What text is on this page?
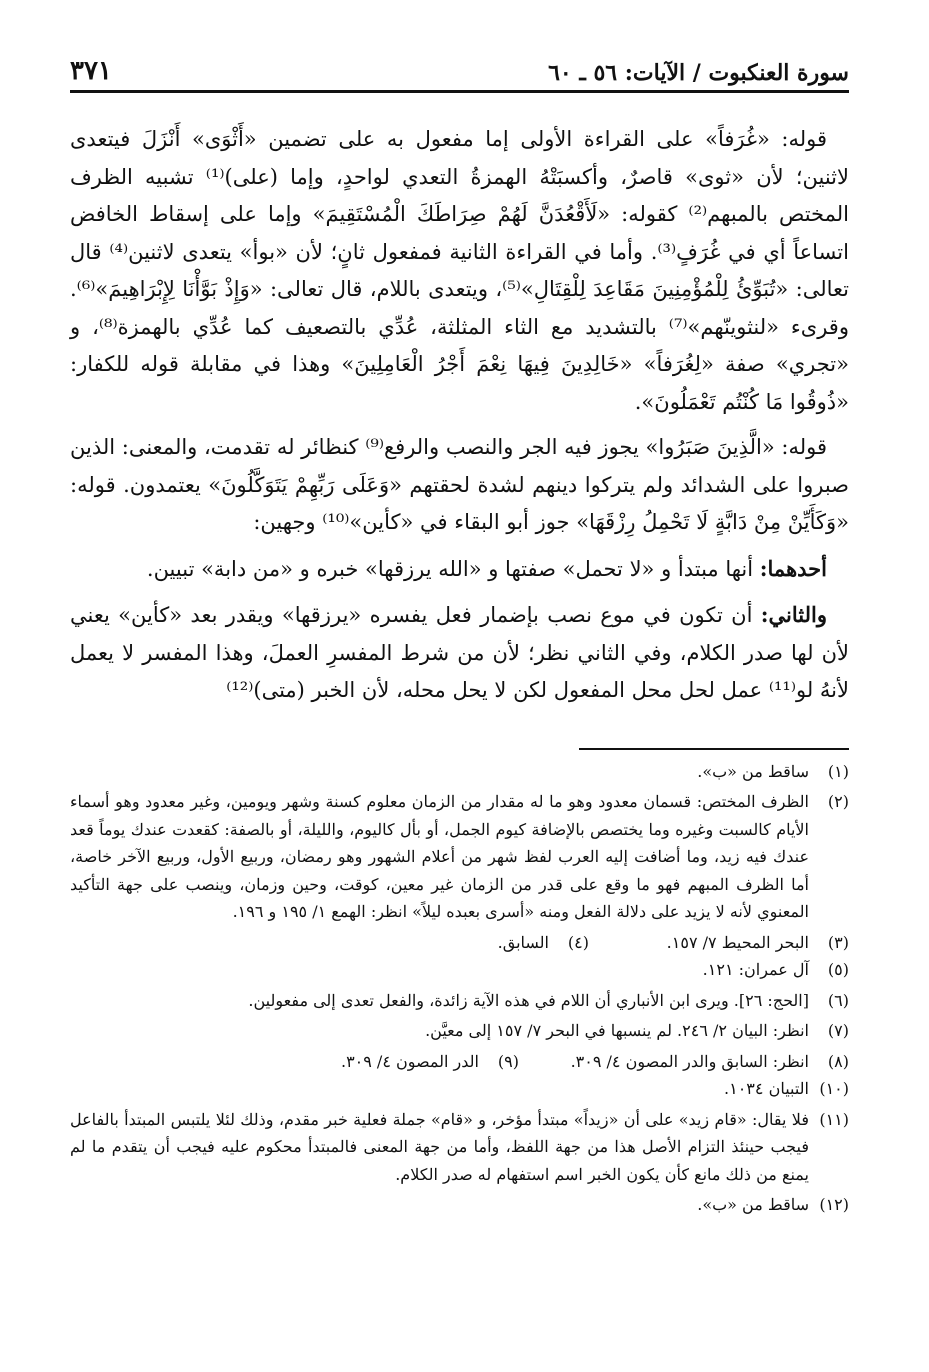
سورة العنكبوت / الآيات: ٥٦ ـ ٦٠
٣٧١

قوله: «غُرَفاً» على القراءة الأولى إما مفعول به على تضمين «أَثْوَى» أَنْزَلَ فيتعدى لاثنين؛ لأن «ثوى» قاصرٌ، وأكسبَتْهُ الهمزةُ التعدي لواحدٍ، وإما (على)⁽¹⁾ تشبيه الظرف المختص بالمبهم⁽²⁾ كقوله: «لَأَقْعُدَنَّ لَهُمْ صِرَاطَكَ الْمُسْتَقِيمَ» وإما على إسقاط الخافض اتساعاً أي في غُرَفٍ⁽³⁾. وأما في القراءة الثانية فمفعول ثانٍ؛ لأن «بوأ» يتعدى لاثنين⁽⁴⁾ قال تعالى: «تُبَوِّئُ لِلْمُؤْمِنِينَ مَقَاعِدَ لِلْقِتَالِ»⁽⁵⁾، ويتعدى باللام، قال تعالى: «وَإِذْ بَوَّأْنَا لِإِبْرَاهِيمَ»⁽⁶⁾. وقرىء «لنثوينّهم»⁽⁷⁾ بالتشديد مع الثاء المثلثة، عُدِّي بالتصعيف كما عُدِّي بالهمزة⁽⁸⁾، و «تجري» صفة «لِغُرَفاً» «خَالِدِينَ فِيهَا نِعْمَ أَجْرُ الْعَامِلِينَ» وهذا في مقابلة قوله للكفار: «ذُوقُوا مَا كُنْتُم تَعْمَلُونَ».

قوله: «الَّذِينَ صَبَرُوا» يجوز فيه الجر والنصب والرفع⁽⁹⁾ كنظائر له تقدمت، والمعنى: الذين صبروا على الشدائد ولم يتركوا دينهم لشدة لحقتهم «وَعَلَى رَبِّهِمْ يَتَوَكَّلُونَ» يعتمدون. قوله: «وَكَأَيِّنْ مِنْ دَابَّةٍ لَا تَحْمِلُ رِزْقَهَا» جوز أبو البقاء في «كأين»⁽¹⁰⁾ وجهين:

أحدهما: أنها مبتدأ و «لا تحمل» صفتها و «الله يرزقها» خبره و «من دابة» تبيين.

والثاني: أن تكون في موع نصب بإضمار فعل يفسره «يرزقها» ويقدر بعد «كأين» يعني لأن لها صدر الكلام، وفي الثاني نظر؛ لأن من شرط المفسرِ العملَ، وهذا المفسر لا يعمل لأنهُ لو⁽¹¹⁾ عمل لحل محل المفعول لكن لا يحل محله، لأن الخبر (متى)⁽¹²⁾

(١)
ساقط من «ب».
(٢)
الظرف المختص: قسمان معدود وهو ما له مقدار من الزمان معلوم كسنة وشهر ويومين، وغير معدود وهو أسماء الأيام كالسبت وغيره وما يختصص بالإضافة كيوم الجمل، أو بأل كاليوم، والليلة، أو بالصفة: كقعدت عندك يوماً قعد عندك فيه زيد، وما أضافت إليه العرب لفظ شهر من أعلام الشهور وهو رمضان، وربيع الأول، وربيع الآخر خاصة، أما الظرف المبهم فهو ما وقع على قدر من الزمان غير معين، كوقت، وحين وزمان، وينصب على جهة التأكيد المعنوي لأنه لا يزيد على دلالة الفعل ومنه «أسرى بعبده ليلاً» انظر: الهمع ١/ ١٩٥ و ١٩٦.
(٣)
البحر المحيط ٧/ ١٥٧.
(٤)
السابق.
(٥)
آل عمران: ١٢١.
(٦)
[الحج: ٢٦]. ويرى ابن الأنباري أن اللام في هذه الآية زائدة، والفعل تعدى إلى مفعولين.
(٧)
انظر: البيان ٢/ ٢٤٦. لم ينسبها في البحر ٧/ ١٥٧ إلى معيَّن.
(٨)
انظر: السابق والدر المصون ٤/ ٣٠٩.
(٩)
الدر المصون ٤/ ٣٠٩.
(١٠)
التبيان ١٠٣٤.
(١١)
فلا يقال: «قام زيد» على أن «زيداً» مبتدأ مؤخر، و «قام» جملة فعلية خبر مقدم، وذلك لئلا يلتبس المبتدأ بالفاعل فيجب حينئذ التزام الأصل هذا من جهة اللفظ، وأما من جهة المعنى فالمبتدأ محكوم عليه فيجب أن يتقدم ما لم يمنع من ذلك مانع كأن يكون الخبر اسم استفهام له صدر الكلام.
(١٢)
ساقط من «ب».
